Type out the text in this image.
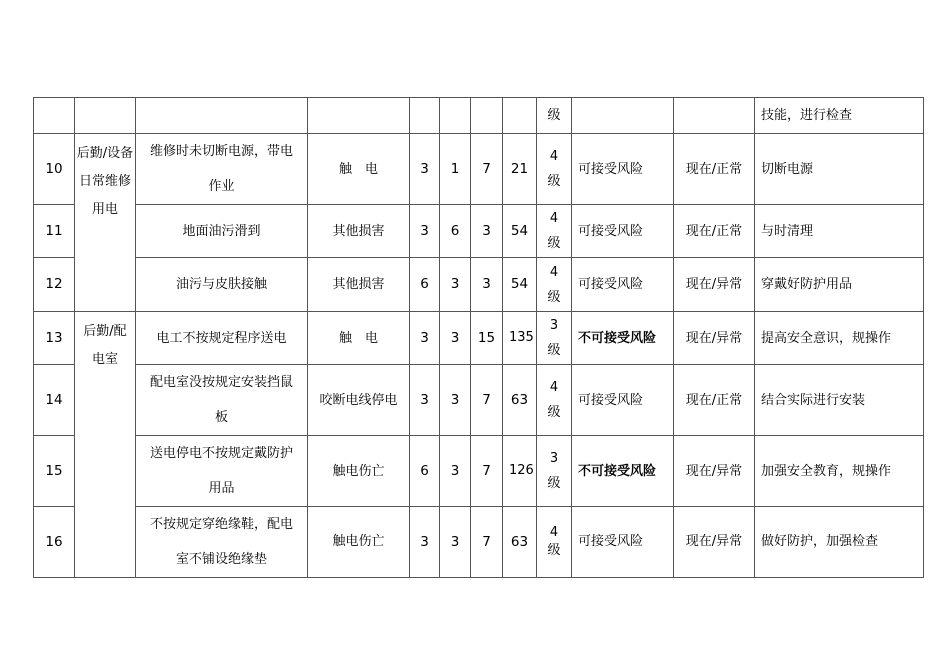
								级			技能，进行检查
10	后勤/设备日常维修用电	维修时未切断电源，带电作业	触　电	3	1	7	21	4级	可接受风险	现在/正常	切断电源
11		地面油污滑到	其他损害	3	6	3	54	4级	可接受风险	现在/正常	与时清理
12		油污与皮肤接触	其他损害	6	3	3	54	4级	可接受风险	现在/异常	穿戴好防护用品
13	后勤/配电室	电工不按规定程序送电	触　电	3	3	15	135	3级	不可接受风险	现在/异常	提高安全意识，规操作
14		配电室没按规定安装挡鼠板	咬断电线停电	3	3	7	63	4级	可接受风险	现在/正常	结合实际进行安装
15		送电停电不按规定戴防护用品	触电伤亡	6	3	7	126	3级	不可接受风险	现在/异常	加强安全教育，规操作
16		不按规定穿绝缘鞋，配电室不铺设绝缘垫	触电伤亡	3	3	7	63	4级	可接受风险	现在/异常	做好防护，加强检查
